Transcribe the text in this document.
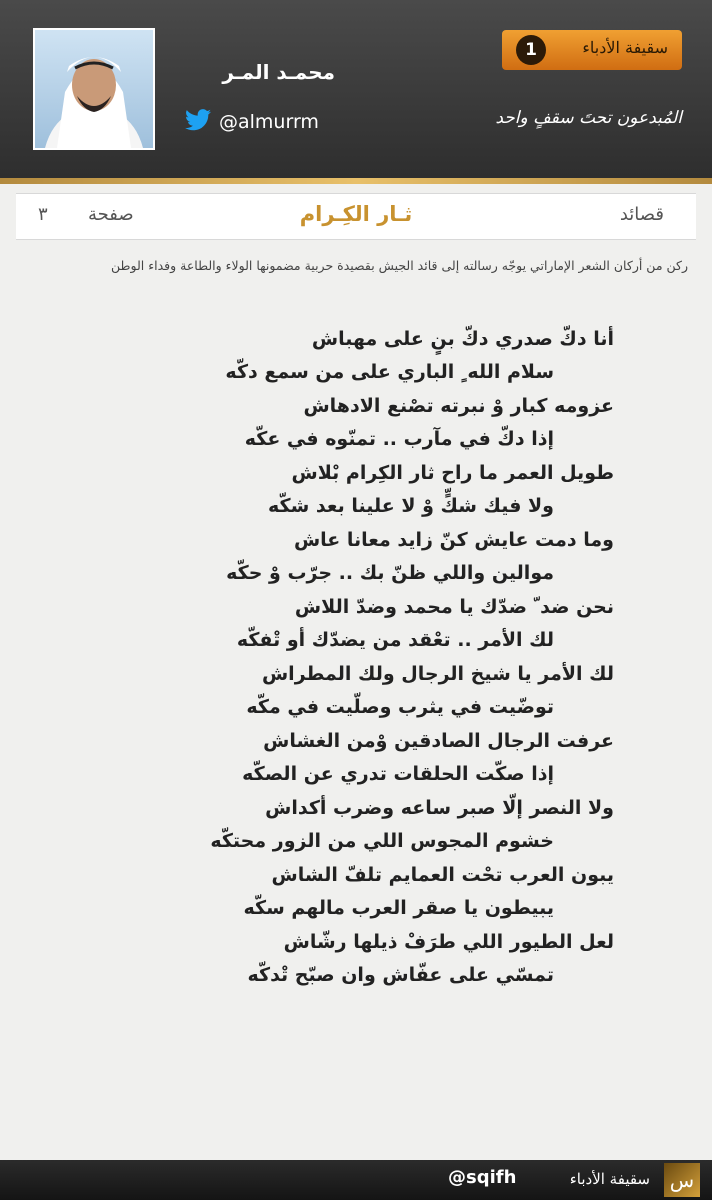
محمـد المـر
@almurrm
1	سقيفة الأدباء
المُبدعون تحتَ سقفٍ واحد
قصائد
ثـار الكِـرام
صفحة
٣
ركن من أركان الشعر الإماراتي يوجّه رسالته إلى قائد الجيش بقصيدة حربية مضمونها الولاء والطاعة وفداء الوطن
أنا دكّ صدري دكّ بنٍ على مهباش
سلام الله ٍ الباري على من سمع دكّه
عزومه كبار وْ نبرته تصْنع الادهاش
إذا دكّ في مآرب .. تمنّوه في عكّه
طويل العمر ما راح ثار الكِرام بْلاش
ولا فيك شكٍّ وْ لا علينا بعد شكّه
وما دمت عايش كنّ زايد معانا عاش
موالين واللي ظنّ بك .. جرّب وْ حكّه
نحن ضد ّ ضدّك يا محمد وضدّ اللاش
لك الأمر .. تعْقد من يضدّك أو تْفكّه
لك الأمر يا شيخ الرجال ولك المطراش
توضّيت في يثرب وصلّيت في مكّه
عرفت الرجال الصادقين وْمن الغشاش
إذا صكّت الحلقات تدري عن الصكّه
ولا النصر إلّا صبر ساعه وضرب أكداش
خشوم المجوس اللي من الزور محتكّه
يبون العرب تحْت العمايم تلفّ الشاش
يبيطون يا صقر العرب مالهم سكّه
لعل الطيور اللي طرَفْ ذيلها رشّاش
تمسّي على عفّاش وان صبّح تْدكّه
س
سقيفة الأدباء
@sqifh
